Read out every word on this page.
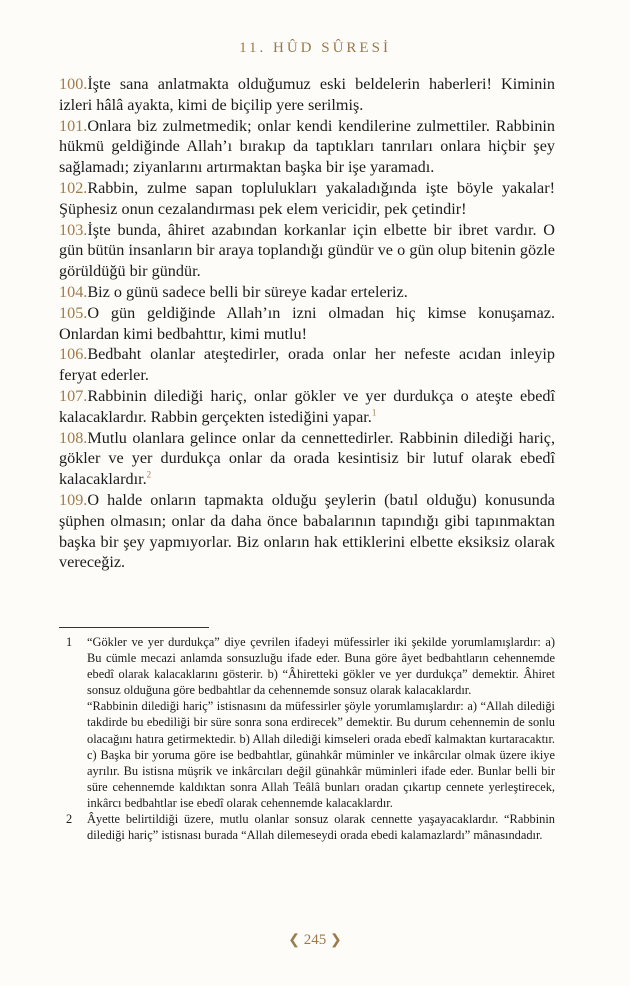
11. HÛD SÛRESİ

100.İşte sana anlatmakta olduğumuz eski beldelerin haberleri! Kiminin izleri hâlâ ayakta, kimi de biçilip yere serilmiş.

101.Onlara biz zulmetmedik; onlar kendi kendilerine zulmettiler. Rabbinin hükmü geldiğinde Allah’ı bırakıp da taptıkları tanrıları onlara hiçbir şey sağlamadı; ziyanlarını artırmaktan başka bir işe yaramadı.

102.Rabbin, zulme sapan toplulukları yakaladığında işte böyle yakalar! Şüphesiz onun cezalandırması pek elem vericidir, pek çetindir!

103.İşte bunda, âhiret azabından korkanlar için elbette bir ibret vardır. O gün bütün insanların bir araya toplandığı gündür ve o gün olup bitenin gözle görüldüğü bir gündür.

104.Biz o günü sadece belli bir süreye kadar erteleriz.

105.O gün geldiğinde Allah’ın izni olmadan hiç kimse konuşamaz. Onlardan kimi bedbahttır, kimi mutlu!

106.Bedbaht olanlar ateştedirler, orada onlar her nefeste acıdan inleyip feryat ederler.

107.Rabbinin dilediği hariç, onlar gökler ve yer durdukça o ateşte ebedî kalacaklardır. Rabbin gerçekten istediğini yapar.$^1$

108.Mutlu olanlara gelince onlar da cennettedirler. Rabbinin dilediği hariç, gökler ve yer durdukça onlar da orada kesintisiz bir lutuf olarak ebedî kalacaklardır.$^2$

109.O halde onların tapmakta olduğu şeylerin (batıl olduğu) konusunda şüphen olmasın; onlar da daha önce babalarının tapındığı gibi tapınmaktan başka bir şey yapmıyorlar. Biz onların hak ettiklerini elbette eksiksiz olarak vereceğiz.

1	“Gökler ve yer durdukça” diye çevrilen ifadeyi müfessirler iki şekilde yorumlamışlardır: a) Bu cümle mecazi anlamda sonsuzluğu ifade eder. Buna göre âyet bedbahtların cehennemde ebedî olarak kalacaklarını gösterir. b) “Âhiretteki gökler ve yer durdukça” demektir. Âhiret sonsuz olduğuna göre bedbahtlar da cehennemde sonsuz olarak kalacaklardır.

“Rabbinin dilediği hariç” istisnasını da müfessirler şöyle yorumlamışlardır: a) “Allah dilediği takdirde bu ebediliği bir süre sonra sona erdirecek” demektir. Bu durum cehennemin de sonlu olacağını hatıra getirmektedir. b) Allah dilediği kimseleri orada ebedî kalmaktan kurtaracaktır. c) Başka bir yoruma göre ise bedbahtlar, günahkâr müminler ve inkârcılar olmak üzere ikiye ayrılır. Bu istisna müşrik ve inkârcıları değil günahkâr müminleri ifade eder. Bunlar belli bir süre cehennemde kaldıktan sonra Allah Teâlâ bunları oradan çıkartıp cennete yerleştirecek, inkârcı bedbahtlar ise ebedî olarak cehennemde kalacaklardır.

2	Âyette belirtildiği üzere, mutlu olanlar sonsuz olarak cennette yaşayacaklardır. “Rabbinin dilediği hariç” istisnası burada “Allah dilemeseydi orada ebedi kalamazlardı” mânasındadır.

❮ 245 ❯
